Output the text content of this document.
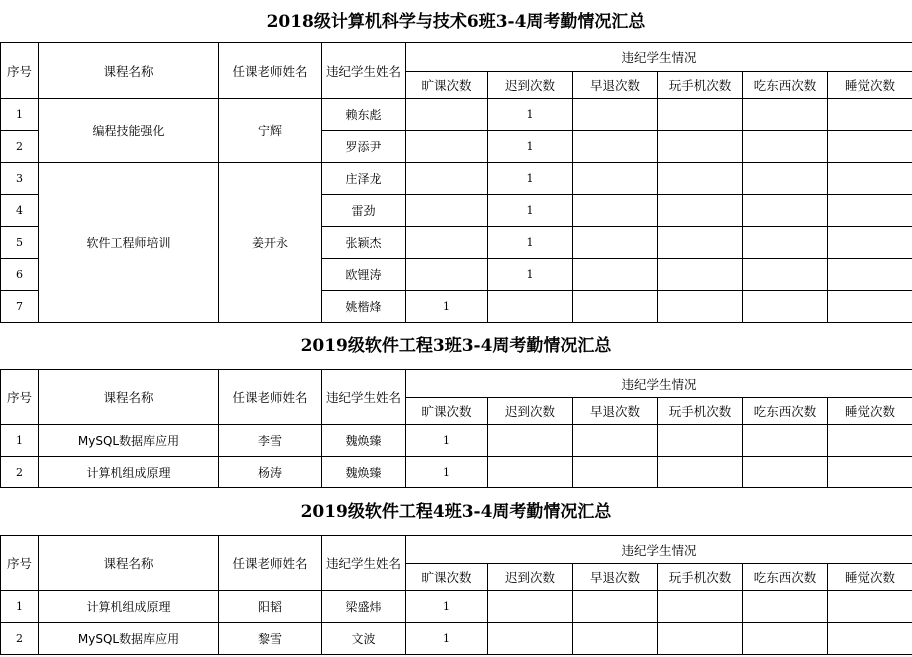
2018级计算机科学与技术6班3-4周考勤情况汇总
序号	课程名称	任课老师姓名	违纪学生姓名	违纪学生情况					
				旷课次数	迟到次数	早退次数	玩手机次数	吃东西次数	睡觉次数
1	编程技能强化	宁辉	赖东彪		1				
2			罗添尹		1				
3	软件工程师培训	姜开永	庄泽龙		1				
4			雷劲		1				
5			张颖杰		1				
6			欧锂涛		1				
7			姚楷烽	1					
2019级软件工程3班3-4周考勤情况汇总
序号	课程名称	任课老师姓名	违纪学生姓名	违纪学生情况					
				旷课次数	迟到次数	早退次数	玩手机次数	吃东西次数	睡觉次数
1	MySQL数据库应用	李雪	魏焕臻	1					
2	计算机组成原理	杨涛	魏焕臻	1					
2019级软件工程4班3-4周考勤情况汇总
序号	课程名称	任课老师姓名	违纪学生姓名	违纪学生情况					
				旷课次数	迟到次数	早退次数	玩手机次数	吃东西次数	睡觉次数
1	计算机组成原理	阳韬	梁盛炜	1					
2	MySQL数据库应用	黎雪	文波	1					
